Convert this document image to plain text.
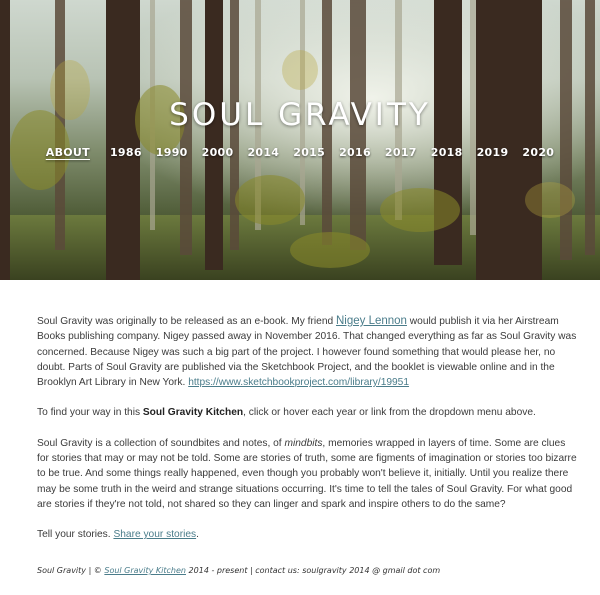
SOUL GRAVITY
ABOUT	1986	1990	2000	2014	2015	2016	2017	2018	2019	2020

Soul Gravity was originally to be released as an e-book. My friend Nigey Lennon would publish it via her Airstream Books publishing company. Nigey passed away in November 2016. That changed everything as far as Soul Gravity was concerned. Because Nigey was such a big part of the project. I however found something that would please her, no doubt. Parts of Soul Gravity are published via the Sketchbook Project, and the booklet is viewable online and in the Brooklyn Art Library in New York. https://www.sketchbookproject.com/library/19951

To find your way in this Soul Gravity Kitchen, click or hover each year or link from the dropdown menu above.

Soul Gravity is a collection of soundbites and notes, of mindbits, memories wrapped in layers of time. Some are clues for stories that may or may not be told. Some are stories of truth, some are figments of imagination or stories too bizarre to be true. And some things really happened, even though you probably won't believe it, initially. Until you realize there may be some truth in the weird and strange situations occurring. It's time to tell the tales of Soul Gravity. For what good are stories if they're not told, not shared so they can linger and spark and inspire others to do the same?

Tell your stories. Share your stories.

Soul Gravity | © Soul Gravity Kitchen 2014 - present | contact us: soulgravity 2014 @ gmail dot com
